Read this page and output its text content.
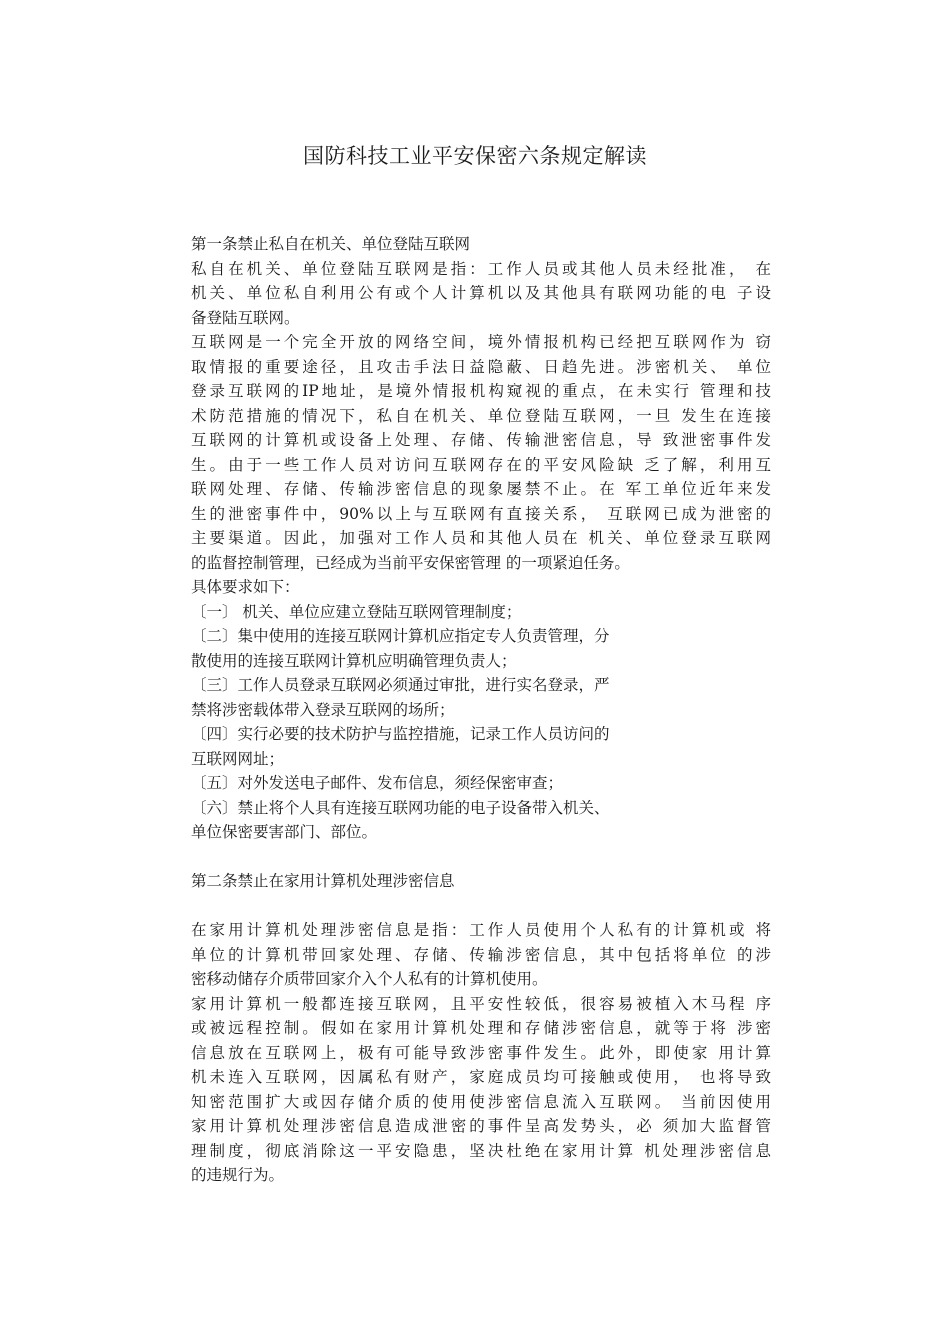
国防科技工业平安保密六条规定解读
第一条禁止私自在机关、单位登陆互联网
私自在机关、单位登陆互联网是指：工作人员或其他人员未经批准， 在
机关、单位私自利用公有或个人计算机以及其他具有联网功能的电 子设
备登陆互联网。
互联网是一个完全开放的网络空间，境外情报机构已经把互联网作为 窃
取情报的重要途径，且攻击手法日益隐蔽、日趋先进。涉密机关、 单位
登录互联网的IP地址，是境外情报机构窥视的重点，在未实行 管理和技
术防范措施的情况下，私自在机关、单位登陆互联网，一旦 发生在连接
互联网的计算机或设备上处理、存储、传输泄密信息，导 致泄密事件发
生。由于一些工作人员对访问互联网存在的平安风险缺 乏了解，利用互
联网处理、存储、传输涉密信息的现象屡禁不止。在 军工单位近年来发
生的泄密事件中，90%以上与互联网有直接关系， 互联网已成为泄密的
主要渠道。因此，加强对工作人员和其他人员在 机关、单位登录互联网
的监督控制管理，已经成为当前平安保密管理 的一项紧迫任务。
具体要求如下：
〔一〕 机关、单位应建立登陆互联网管理制度；
〔二〕集中使用的连接互联网计算机应指定专人负责管理，分
散使用的连接互联网计算机应明确管理负责人；
〔三〕工作人员登录互联网必须通过审批，进行实名登录，严
禁将涉密载体带入登录互联网的场所；
〔四〕实行必要的技术防护与监控措施，记录工作人员访问的
互联网网址；
〔五〕对外发送电子邮件、发布信息，须经保密审查；
〔六〕禁止将个人具有连接互联网功能的电子设备带入机关、
单位保密要害部门、部位。
第二条禁止在家用计算机处理涉密信息
在家用计算机处理涉密信息是指：工作人员使用个人私有的计算机或 将
单位的计算机带回家处理、存储、传输涉密信息，其中包括将单位 的涉
密移动储存介质带回家介入个人私有的计算机使用。
家用计算机一般都连接互联网，且平安性较低，很容易被植入木马程 序
或被远程控制。假如在家用计算机处理和存储涉密信息，就等于将 涉密
信息放在互联网上，极有可能导致涉密事件发生。此外，即使家 用计算
机未连入互联网，因属私有财产，家庭成员均可接触或使用， 也将导致
知密范围扩大或因存储介质的使用使涉密信息流入互联网。 当前因使用
家用计算机处理涉密信息造成泄密的事件呈高发势头，必 须加大监督管
理制度，彻底消除这一平安隐患，坚决杜绝在家用计算 机处理涉密信息
的违规行为。
